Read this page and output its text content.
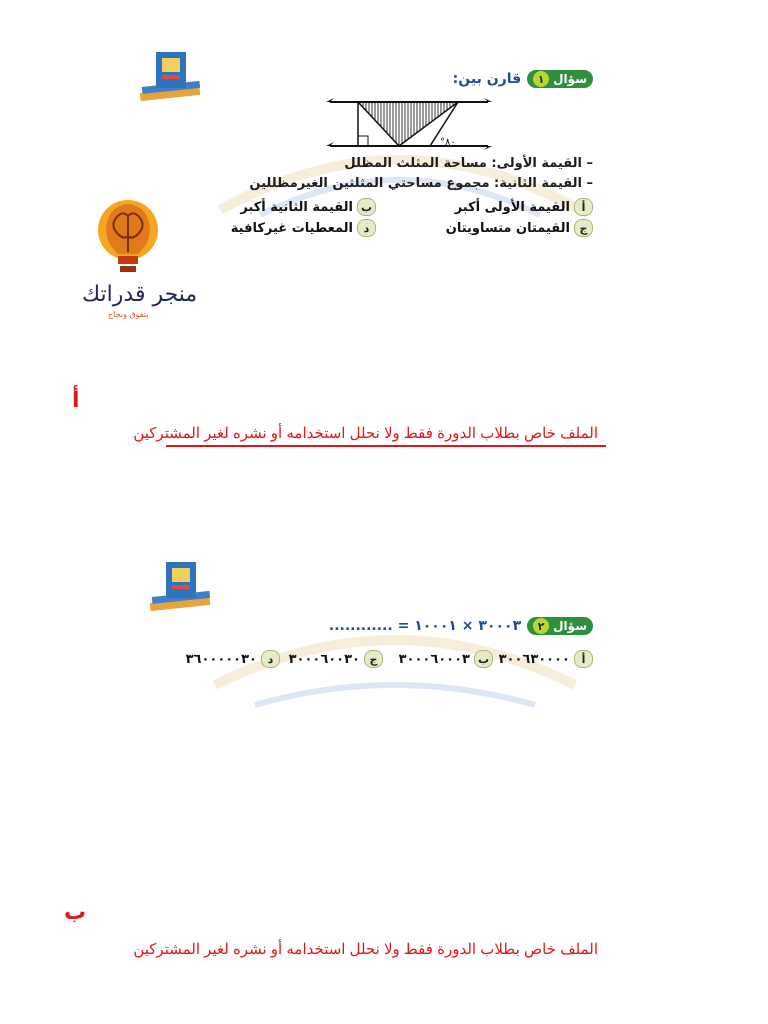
سؤال
١
قارن بين:
°٨٠
– القيمة الأولى: مساحة المثلث المظلل
– القيمة الثانية: مجموع مساحتي المثلثين الغيرمظللين
أ
القيمة الأولى أكبر
ب
القيمة الثانية أكبر
ج
القيمتان متساويتان
د
المعطيات غيركافية
منجر قدراتك
بتفوق ونجاح
أ
الملف خاص بطلاب الدورة فقط ولا نحلل استخدامه أو نشره لغير المشتركين
سؤال
٢
٣٠٠٠٣ × ١٠٠٠١ = ............
أ
٣٠٠٦٣٠٠٠٠
ب
٣٠٠٠٦٠٠٠٣
ج
٣٠٠٠٦٠٠٣٠
د
٣٦٠٠٠٠٠٣٠
ب
الملف خاص بطلاب الدورة فقط ولا نحلل استخدامه أو نشره لغير المشتركين
